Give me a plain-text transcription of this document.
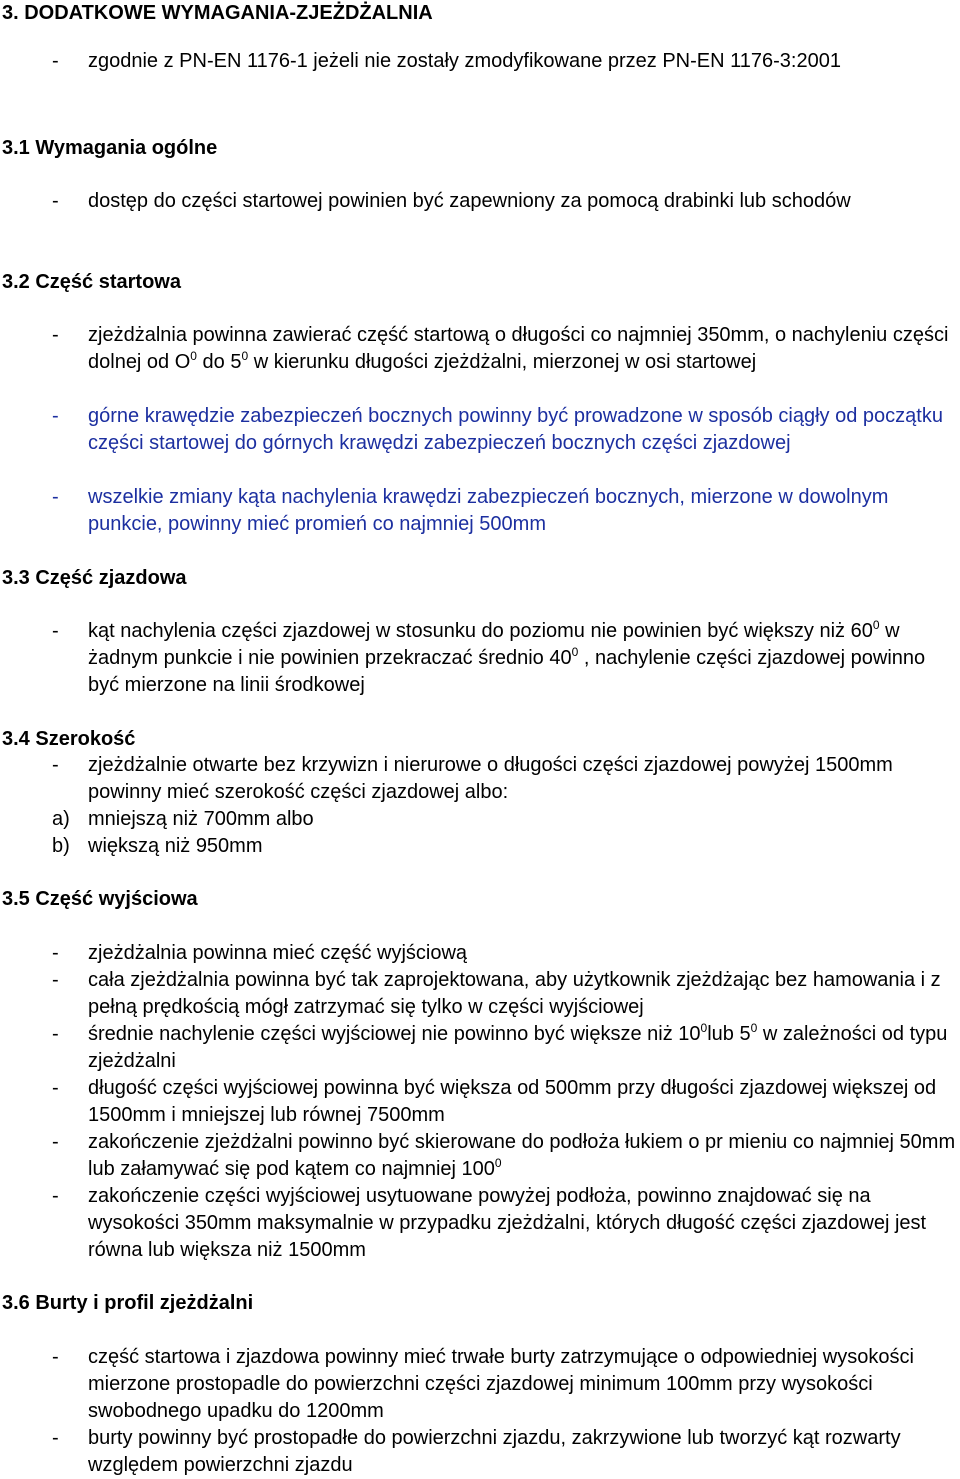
3. DODATKOWE WYMAGANIA-ZJEŻDŻALNIA
- zgodnie z PN-EN 1176-1 jeżeli nie zostały zmodyfikowane przez PN-EN 1176-3:2001
3.1 Wymagania ogólne
- dostęp do części startowej powinien być zapewniony za pomocą drabinki lub schodów
3.2 Część startowa
- zjeżdżalnia powinna zawierać część startową o długości co najmniej 350mm, o nachyleniu części dolnej od $O^0$ do $5^0$ w kierunku długości zjeżdżalni, mierzonej w osi startowej
- górne krawędzie zabezpieczeń bocznych powinny być prowadzone w sposób ciągły od początku części startowej do górnych krawędzi zabezpieczeń bocznych części zjazdowej
- wszelkie zmiany kąta nachylenia krawędzi zabezpieczeń bocznych, mierzone w dowolnym punkcie, powinny mieć promień co najmniej 500mm
3.3 Część zjazdowa
- kąt nachylenia części zjazdowej w stosunku do poziomu nie powinien być większy niż $60^0$ w żadnym punkcie i nie powinien przekraczać średnio $40^0$ , nachylenie części zjazdowej powinno być mierzone na linii środkowej
3.4 Szerokość
- zjeżdżalnie otwarte bez krzywizn i nierurowe o długości części zjazdowej powyżej 1500mm powinny mieć szerokość części zjazdowej albo:
a) mniejszą niż 700mm albo
b) większą niż 950mm
3.5 Część wyjściowa
- zjeżdżalnia powinna mieć część wyjściową
- cała zjeżdżalnia powinna być tak zaprojektowana, aby użytkownik zjeżdżając bez hamowania i z pełną prędkością mógł zatrzymać się tylko w części wyjściowej
- średnie nachylenie części wyjściowej nie powinno być większe niż $10^0lub$ $5^0$ w zależności od typu zjeżdżalni
- długość części wyjściowej powinna być większa od 500mm przy długości zjazdowej większej od 1500mm i mniejszej lub równej 7500mm
- zakończenie zjeżdżalni powinno być skierowane do podłoża łukiem o pr mieniu co najmniej 50mm lub załamywać się pod kątem co najmniej $100^0$
- zakończenie części wyjściowej usytuowane powyżej podłoża, powinno znajdować się na wysokości 350mm maksymalnie w przypadku zjeżdżalni, których długość części zjazdowej jest równa lub większa niż 1500mm
3.6 Burty i profil zjeżdżalni
- część startowa i zjazdowa powinny mieć trwałe burty zatrzymujące o odpowiedniej wysokości mierzone prostopadle do powierzchni części zjazdowej minimum 100mm przy wysokości swobodnego upadku do 1200mm
- burty powinny być prostopadłe do powierzchni zjazdu, zakrzywione lub tworzyć kąt rozwarty względem powierzchni zjazdu
